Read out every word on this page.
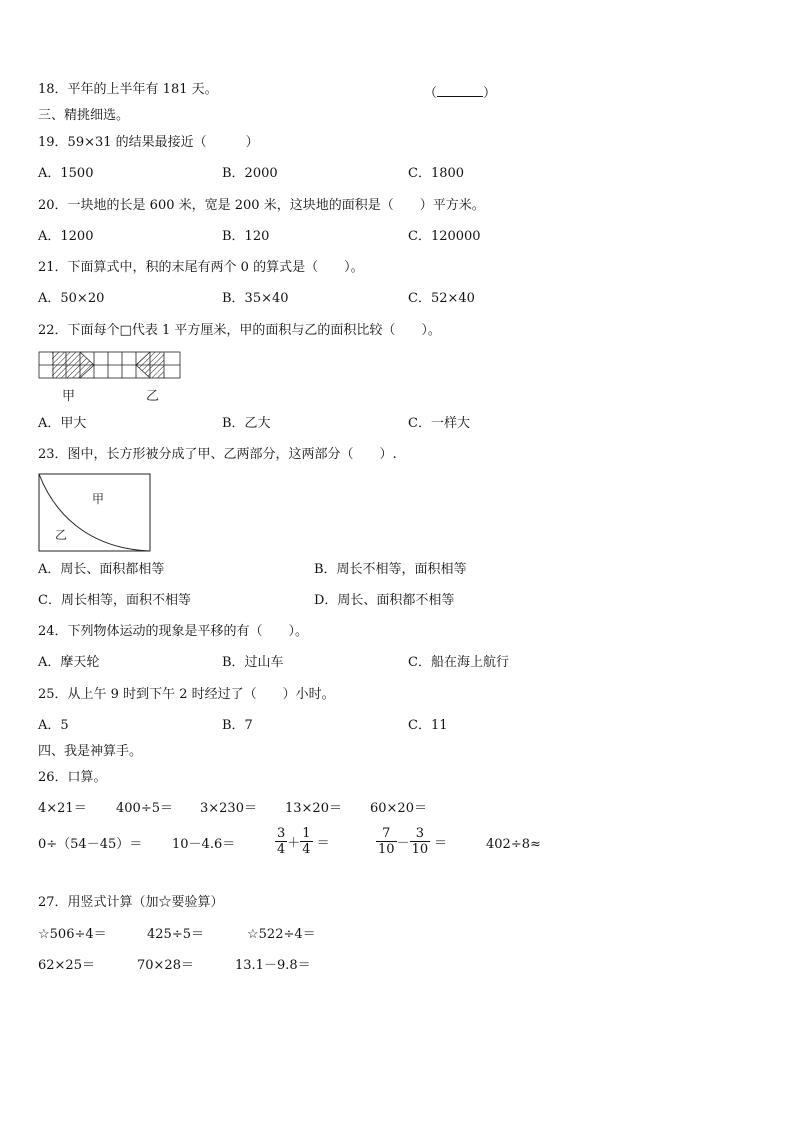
18．平年的上半年有 181 天。	（	）
三、精挑细选。
19．59×31 的结果最接近（　　　）
A．1500	B．2000	C．1800
20．一块地的长是 600 米，宽是 200 米，这块地的面积是（　　）平方米。
A．1200	B．120	C．120000
21．下面算式中，积的末尾有两个 0 的算式是（　　）。
A．50×20	B．35×40	C．52×40
22．下面每个□代表 1 平方厘米，甲的面积与乙的面积比较（　　）。
甲	乙
A．甲大	B．乙大	C．一样大
23．图中，长方形被分成了甲、乙两部分，这两部分（　　）.
甲
乙
A．周长、面积都相等	B．周长不相等，面积相等
C．周长相等，面积不相等	D．周长、面积都不相等
24．下列物体运动的现象是平移的有（　　）。
A．摩天轮	B．过山车	C．船在海上航行
25．从上午 9 时到下午 2 时经过了（　　）小时。
A．5	B．7	C．11
四、我是神算手。
26．口算。
4×21＝ 400÷5＝ 3×230＝ 13×20＝ 60×20＝
0÷（54－45）＝ 10－4.6＝	$\frac{3}{4} + \frac{1}{4}$ ＝	$\frac{7}{10} - \frac{3}{10}$ ＝	402÷8≈
27．用竖式计算（加☆要验算）
☆506÷4＝	425÷5＝	☆522÷4＝
62×25＝	70×28＝	13.1－9.8＝
